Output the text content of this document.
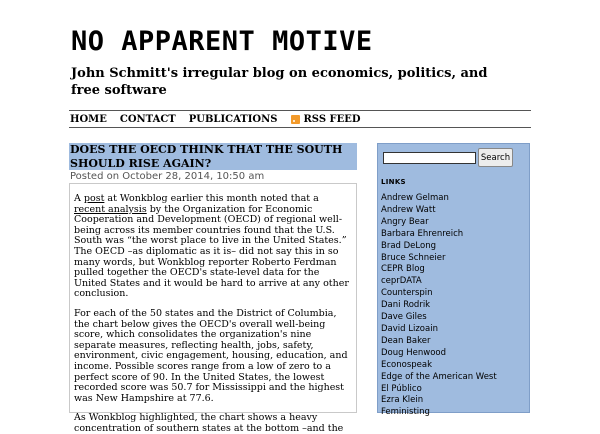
NO APPARENT MOTIVE
John Schmitt's irregular blog on economics, politics, and free software
HOME CONTACT PUBLICATIONS	RSS FEED
DOES THE OECD THINK THAT THE SOUTH SHOULD RISE AGAIN?
Posted on October 28, 2014, 10:50 am

A post at Wonkblog earlier this month noted that a recent analysis by the Organization for Economic Cooperation and Development (OECD) of regional well-being across its member countries found that the U.S. South was “the worst place to live in the United States.” The OECD –as diplomatic as it is– did not say this in so many words, but Wonkblog reporter Roberto Ferdman pulled together the OECD's state-level data for the United States and it would be hard to arrive at any other conclusion.

For each of the 50 states and the District of Columbia, the chart below gives the OECD's overall well-being score, which consolidates the organization's nine separate measures, reflecting health, jobs, safety, environment, civic engagement, housing, education, and income. Possible scores range from a low of zero to a perfect score of 90. In the United States, the lowest recorded score was 50.7 for Mississippi and the highest was New Hampshire at 77.6.

As Wonkblog highlighted, the chart shows a heavy concentration of southern states at the bottom –and the

Search
LINKS
Andrew Gelman
Andrew Watt
Angry Bear
Barbara Ehrenreich
Brad DeLong
Bruce Schneier
CEPR Blog
ceprDATA
Counterspin
Dani Rodrik
Dave Giles
David Lizoain
Dean Baker
Doug Henwood
Econospeak
Edge of the American West
El Público
Ezra Klein
Feministing
